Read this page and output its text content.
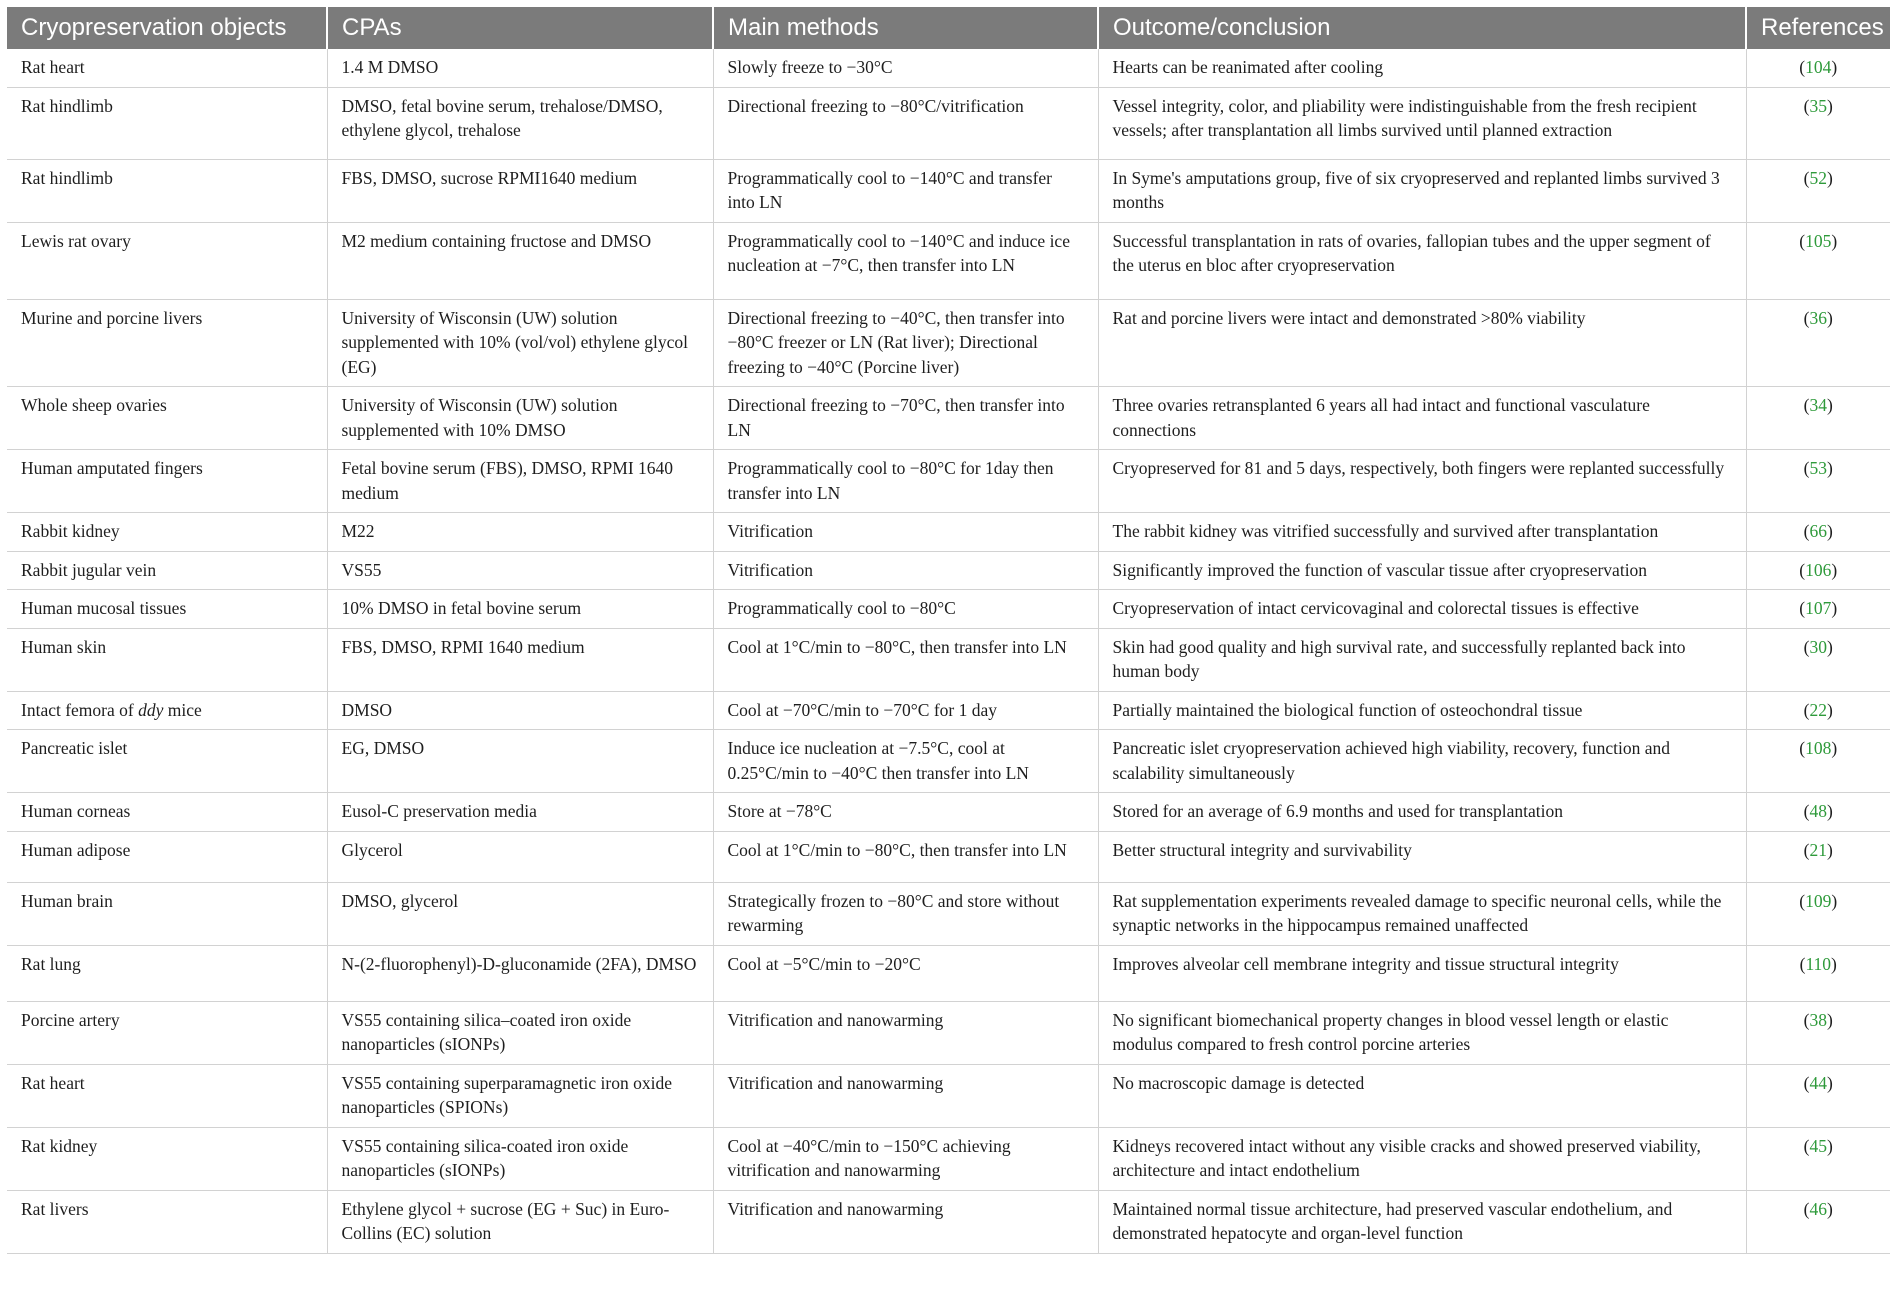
Cryopreservation objects	CPAs	Main methods	Outcome/conclusion	References
Rat heart	1.4 M DMSO	Slowly freeze to −30°C	Hearts can be reanimated after cooling	(104)
Rat hindlimb	DMSO, fetal bovine serum, trehalose/DMSO, ethylene glycol, trehalose	Directional freezing to −80°C/vitrification	Vessel integrity, color, and pliability were indistinguishable from the fresh recipient vessels; after transplantation all limbs survived until planned extraction	(35)
Rat hindlimb	FBS, DMSO, sucrose RPMI1640 medium	Programmatically cool to −140°C and transfer into LN	In Syme's amputations group, five of six cryopreserved and replanted limbs survived 3 months	(52)
Lewis rat ovary	M2 medium containing fructose and DMSO	Programmatically cool to −140°C and induce ice nucleation at −7°C, then transfer into LN	Successful transplantation in rats of ovaries, fallopian tubes and the upper segment of the uterus en bloc after cryopreservation	(105)
Murine and porcine livers	University of Wisconsin (UW) solution supplemented with 10% (vol/vol) ethylene glycol (EG)	Directional freezing to −40°C, then transfer into −80°C freezer or LN (Rat liver); Directional freezing to −40°C (Porcine liver)	Rat and porcine livers were intact and demonstrated >80% viability	(36)
Whole sheep ovaries	University of Wisconsin (UW) solution supplemented with 10% DMSO	Directional freezing to −70°C, then transfer into LN	Three ovaries retransplanted 6 years all had intact and functional vasculature connections	(34)
Human amputated fingers	Fetal bovine serum (FBS), DMSO, RPMI 1640 medium	Programmatically cool to −80°C for 1day then transfer into LN	Cryopreserved for 81 and 5 days, respectively, both fingers were replanted successfully	(53)
Rabbit kidney	M22	Vitrification	The rabbit kidney was vitrified successfully and survived after transplantation	(66)
Rabbit jugular vein	VS55	Vitrification	Significantly improved the function of vascular tissue after cryopreservation	(106)
Human mucosal tissues	10% DMSO in fetal bovine serum	Programmatically cool to −80°C	Cryopreservation of intact cervicovaginal and colorectal tissues is effective	(107)
Human skin	FBS, DMSO, RPMI 1640 medium	Cool at 1°C/min to −80°C, then transfer into LN	Skin had good quality and high survival rate, and successfully replanted back into human body	(30)
Intact femora of ddy mice	DMSO	Cool at −70°C/min to −70°C for 1 day	Partially maintained the biological function of osteochondral tissue	(22)
Pancreatic islet	EG, DMSO	Induce ice nucleation at −7.5°C, cool at 0.25°C/min to −40°C then transfer into LN	Pancreatic islet cryopreservation achieved high viability, recovery, function and scalability simultaneously	(108)
Human corneas	Eusol-C preservation media	Store at −78°C	Stored for an average of 6.9 months and used for transplantation	(48)
Human adipose	Glycerol	Cool at 1°C/min to −80°C, then transfer into LN	Better structural integrity and survivability	(21)
Human brain	DMSO, glycerol	Strategically frozen to −80°C and store without rewarming	Rat supplementation experiments revealed damage to specific neuronal cells, while the synaptic networks in the hippocampus remained unaffected	(109)
Rat lung	N-(2-fluorophenyl)-D-gluconamide (2FA), DMSO	Cool at −5°C/min to −20°C	Improves alveolar cell membrane integrity and tissue structural integrity	(110)
Porcine artery	VS55 containing silica–coated iron oxide nanoparticles (sIONPs)	Vitrification and nanowarming	No significant biomechanical property changes in blood vessel length or elastic modulus compared to fresh control porcine arteries	(38)
Rat heart	VS55 containing superparamagnetic iron oxide nanoparticles (SPIONs)	Vitrification and nanowarming	No macroscopic damage is detected	(44)
Rat kidney	VS55 containing silica-coated iron oxide nanoparticles (sIONPs)	Cool at −40°C/min to −150°C achieving vitrification and nanowarming	Kidneys recovered intact without any visible cracks and showed preserved viability, architecture and intact endothelium	(45)
Rat livers	Ethylene glycol + sucrose (EG + Suc) in Euro-Collins (EC) solution	Vitrification and nanowarming	Maintained normal tissue architecture, had preserved vascular endothelium, and demonstrated hepatocyte and organ-level function	(46)
